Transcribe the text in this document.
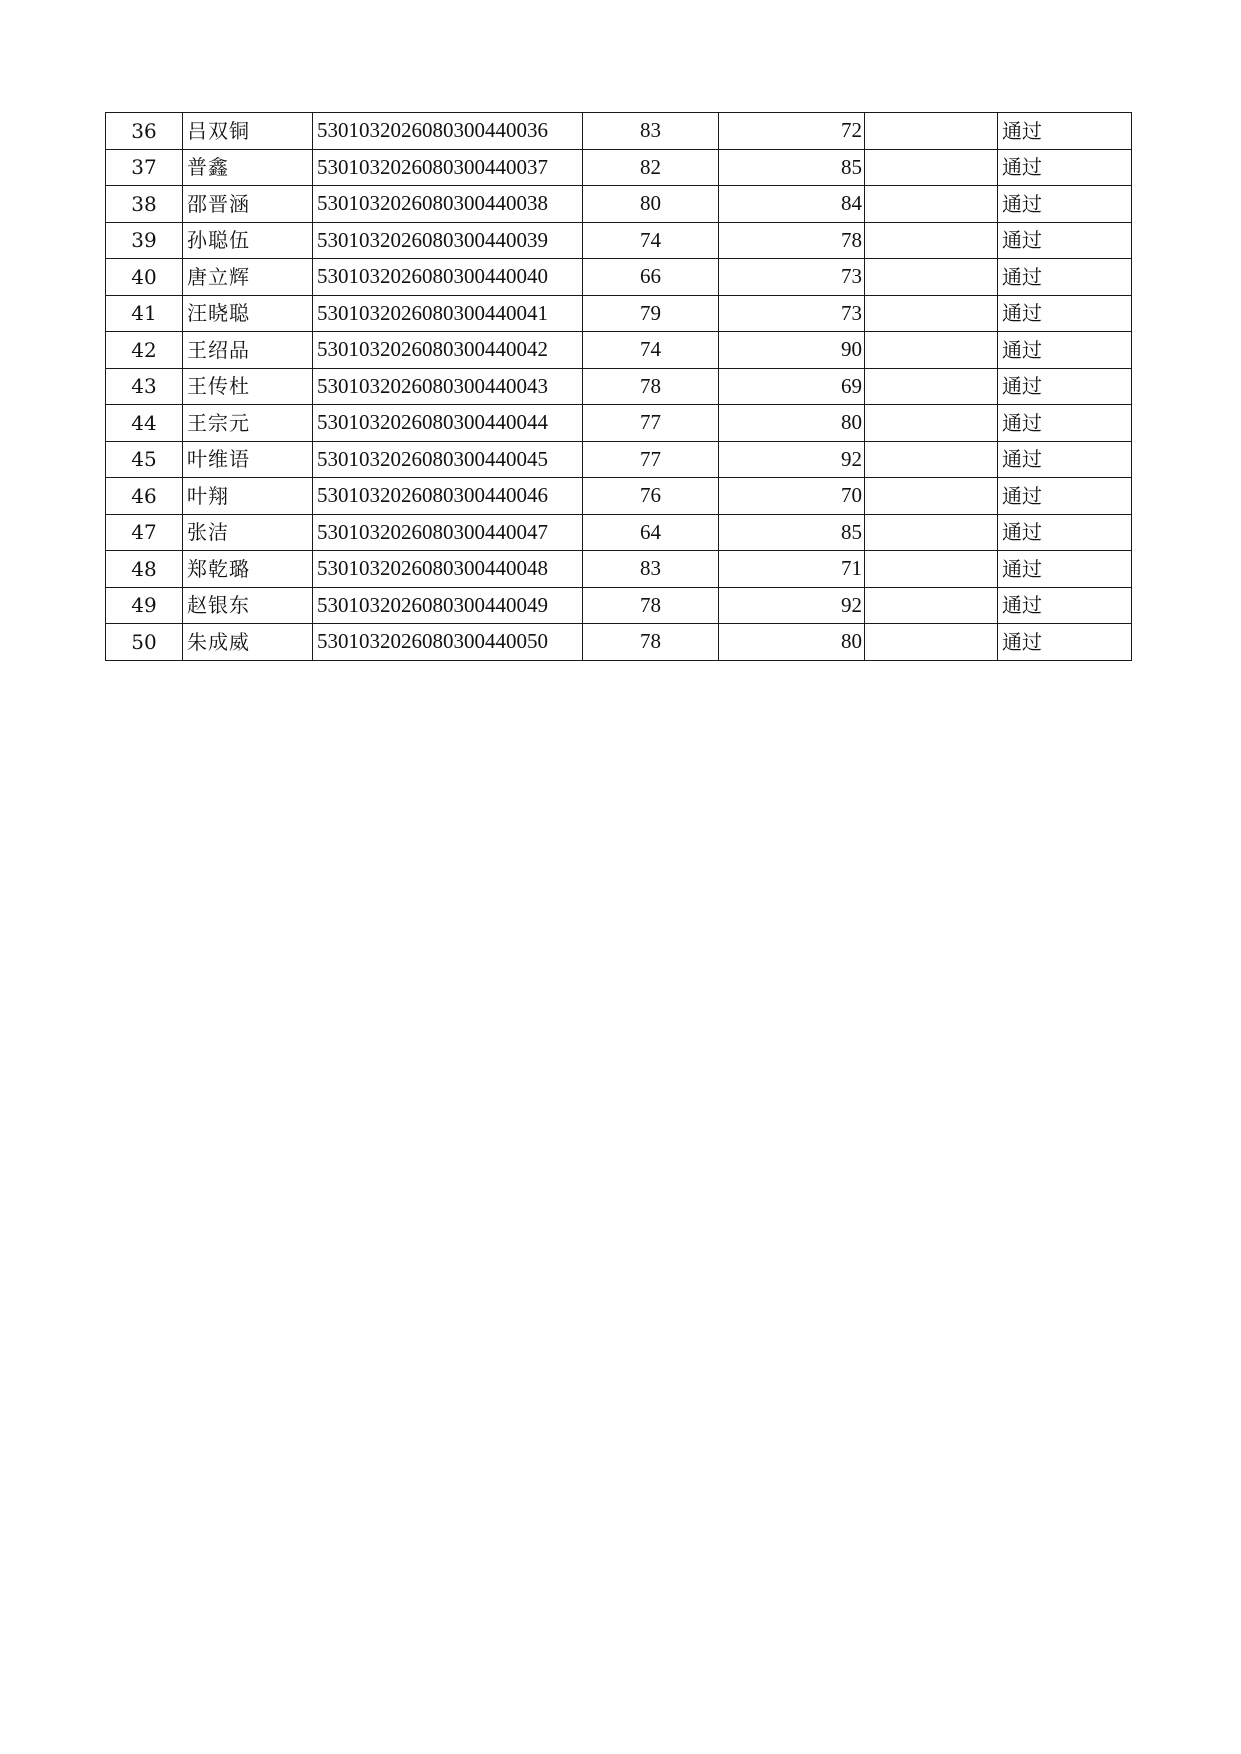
36	吕双铜	5301032026080300440036	83	72		通过
37	普鑫	5301032026080300440037	82	85		通过
38	邵晋涵	5301032026080300440038	80	84		通过
39	孙聪伍	5301032026080300440039	74	78		通过
40	唐立辉	5301032026080300440040	66	73		通过
41	汪晓聪	5301032026080300440041	79	73		通过
42	王绍品	5301032026080300440042	74	90		通过
43	王传杜	5301032026080300440043	78	69		通过
44	王宗元	5301032026080300440044	77	80		通过
45	叶维语	5301032026080300440045	77	92		通过
46	叶翔	5301032026080300440046	76	70		通过
47	张洁	5301032026080300440047	64	85		通过
48	郑乾璐	5301032026080300440048	83	71		通过
49	赵银东	5301032026080300440049	78	92		通过
50	朱成威	5301032026080300440050	78	80		通过
